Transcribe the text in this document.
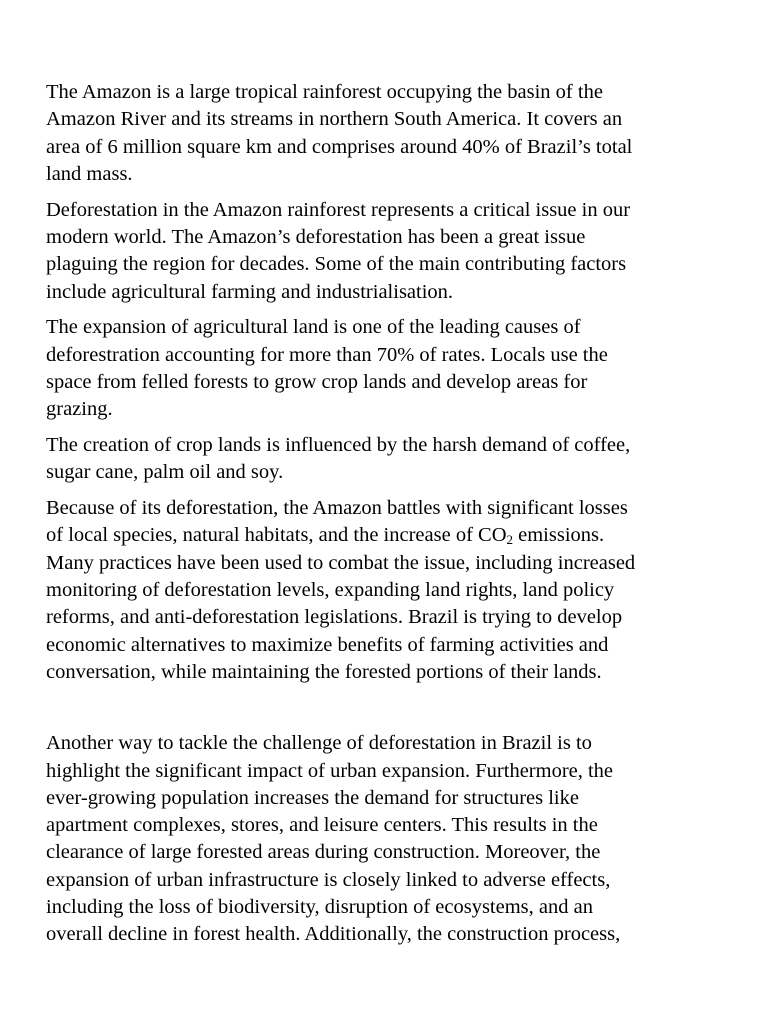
The Amazon is a large tropical rainforest occupying the basin of the
Amazon River and its streams in northern South America. It covers an
area of 6 million square km and comprises around 40% of Brazil’s total
land mass.

Deforestation in the Amazon rainforest represents a critical issue in our
modern world. The Amazon’s deforestation has been a great issue
plaguing the region for decades. Some of the main contributing factors
include agricultural farming and industrialisation.

The expansion of agricultural land is one of the leading causes of
deforestration accounting for more than 70% of rates. Locals use the
space from felled forests to grow crop lands and develop areas for
grazing.

The creation of crop lands is influenced by the harsh demand of coffee,
sugar cane, palm oil and soy.

Because of its deforestation, the Amazon battles with significant losses
of local species, natural habitats, and the increase of $CO_2$ emissions.
Many practices have been used to combat the issue, including increased
monitoring of deforestation levels, expanding land rights, land policy
reforms, and anti-deforestation legislations. Brazil is trying to develop
economic alternatives to maximize benefits of farming activities and
conversation, while maintaining the forested portions of their lands.

Another way to tackle the challenge of deforestation in Brazil is to
highlight the significant impact of urban expansion. Furthermore, the
ever-growing population increases the demand for structures like
apartment complexes, stores, and leisure centers. This results in the
clearance of large forested areas during construction. Moreover, the
expansion of urban infrastructure is closely linked to adverse effects,
including the loss of biodiversity, disruption of ecosystems, and an
overall decline in forest health. Additionally, the construction process,
